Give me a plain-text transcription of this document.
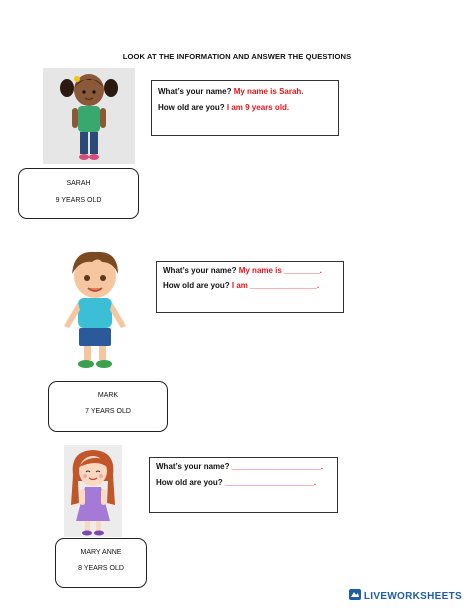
LOOK AT THE INFORMATION AND ANSWER THE QUESTIONS
What’s your name? My name is Sarah.
How old are you? I am 9 years old.
SARAH
9 YEARS OLD
What’s your name? My name is ________.
How old are you? I am _______________.
MARK
7 YEARS OLD
What’s your name? ____________________.
How old are you? ____________________.
MARY ANNE
8 YEARS OLD
LIVEWORKSHEETS
